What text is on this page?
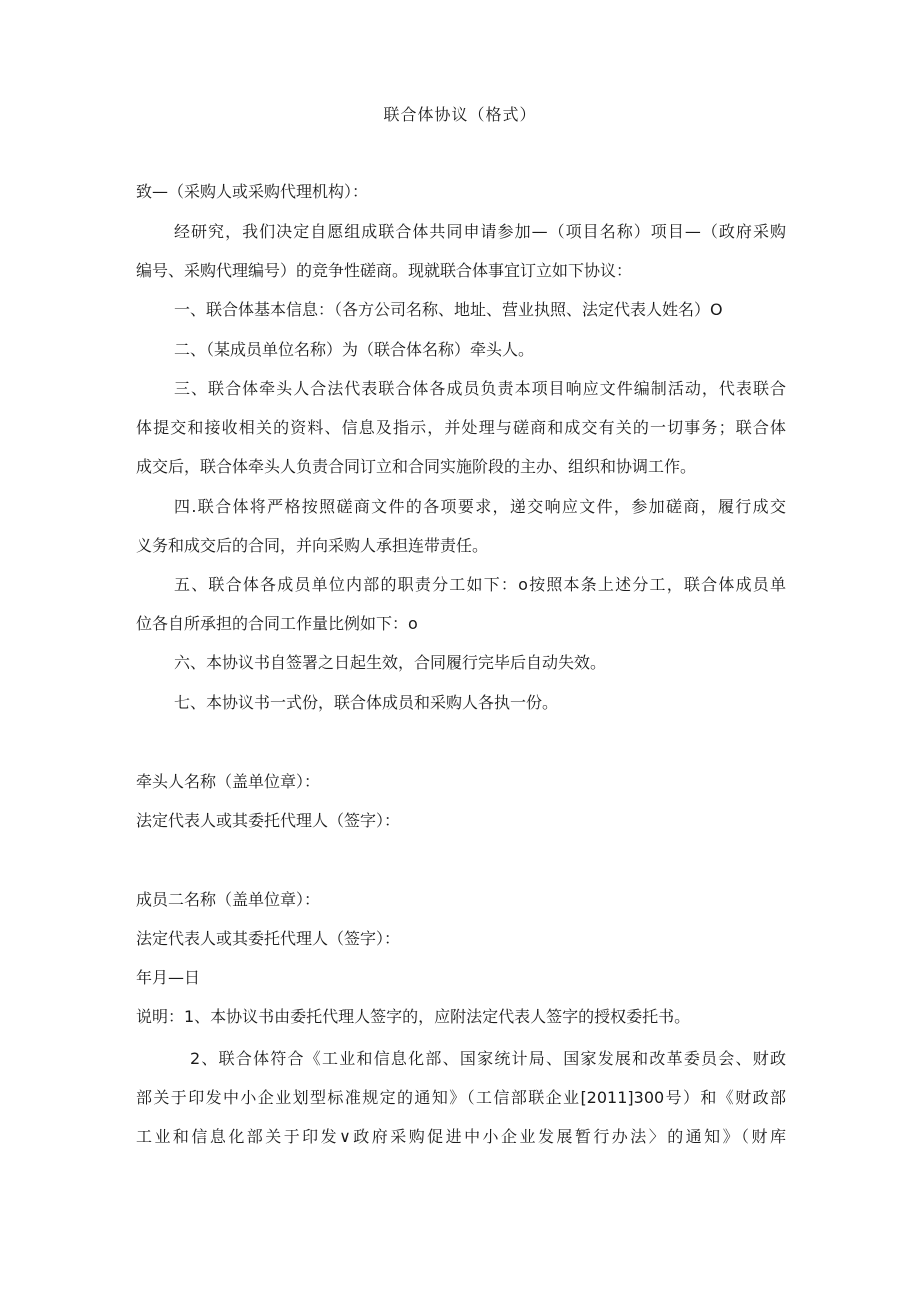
联合体协议（格式）
致—（采购人或采购代理机构）：
经研究，我们决定自愿组成联合体共同申请参加—（项目名称）项目—（政府采购
编号、采购代理编号）的竞争性磋商。现就联合体事宜订立如下协议：
一、联合体基本信息：（各方公司名称、地址、营业执照、法定代表人姓名）O
二、（某成员单位名称）为（联合体名称）牵头人。
三、联合体牵头人合法代表联合体各成员负责本项目响应文件编制活动，代表联合
体提交和接收相关的资料、信息及指示，并处理与磋商和成交有关的一切事务；联合体
成交后，联合体牵头人负责合同订立和合同实施阶段的主办、组织和协调工作。
四.联合体将严格按照磋商文件的各项要求，递交响应文件，参加磋商，履行成交
义务和成交后的合同，并向采购人承担连带责任。
五、联合体各成员单位内部的职责分工如下：o按照本条上述分工，联合体成员单
位各自所承担的合同工作量比例如下：o
六、本协议书自签署之日起生效，合同履行完毕后自动失效。
七、本协议书一式份，联合体成员和采购人各执一份。
牵头人名称（盖单位章）：
法定代表人或其委托代理人（签字）：
成员二名称（盖单位章）：
法定代表人或其委托代理人（签字）：
年月—日
说明：1、本协议书由委托代理人签字的，应附法定代表人签字的授权委托书。
2、联合体符合《工业和信息化部、国家统计局、国家发展和改革委员会、财政
部关于印发中小企业划型标准规定的通知》（工信部联企业[2011]300号）和《财政部
工业和信息化部关于印发∨政府采购促进中小企业发展暂行办法〉的通知》（财库
